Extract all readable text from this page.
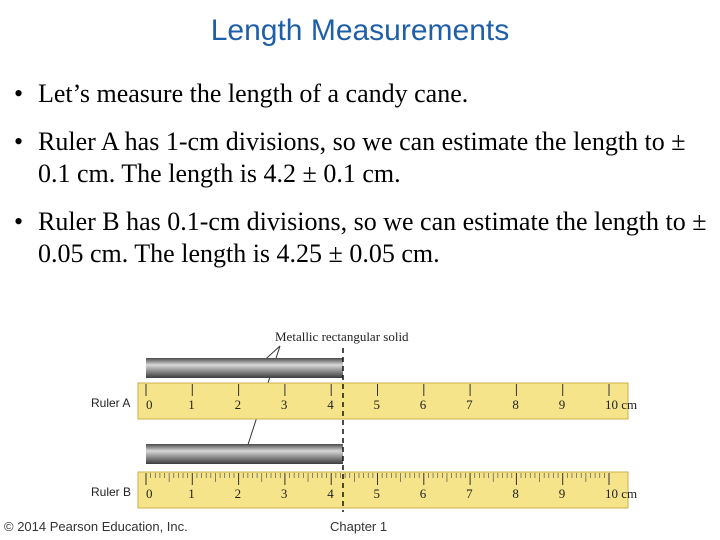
Length Measurements
• Let’s measure the length of a candy cane.
• Ruler A has 1-cm divisions, so we can estimate the length to ± 0.1 cm. The length is 4.2 ± 0.1 cm.
• Ruler B has 0.1-cm divisions, so we can estimate the length to ± 0.05 cm. The length is 4.25 ± 0.05 cm.
Metallic rectangular solid
0	1	2	3	4	5	6	7	8	9	10 cm
Ruler A
0	1	2	3	4	5	6	7	8	9	10 cm
Ruler B
© 2014 Pearson Education, Inc.	Chapter 1
